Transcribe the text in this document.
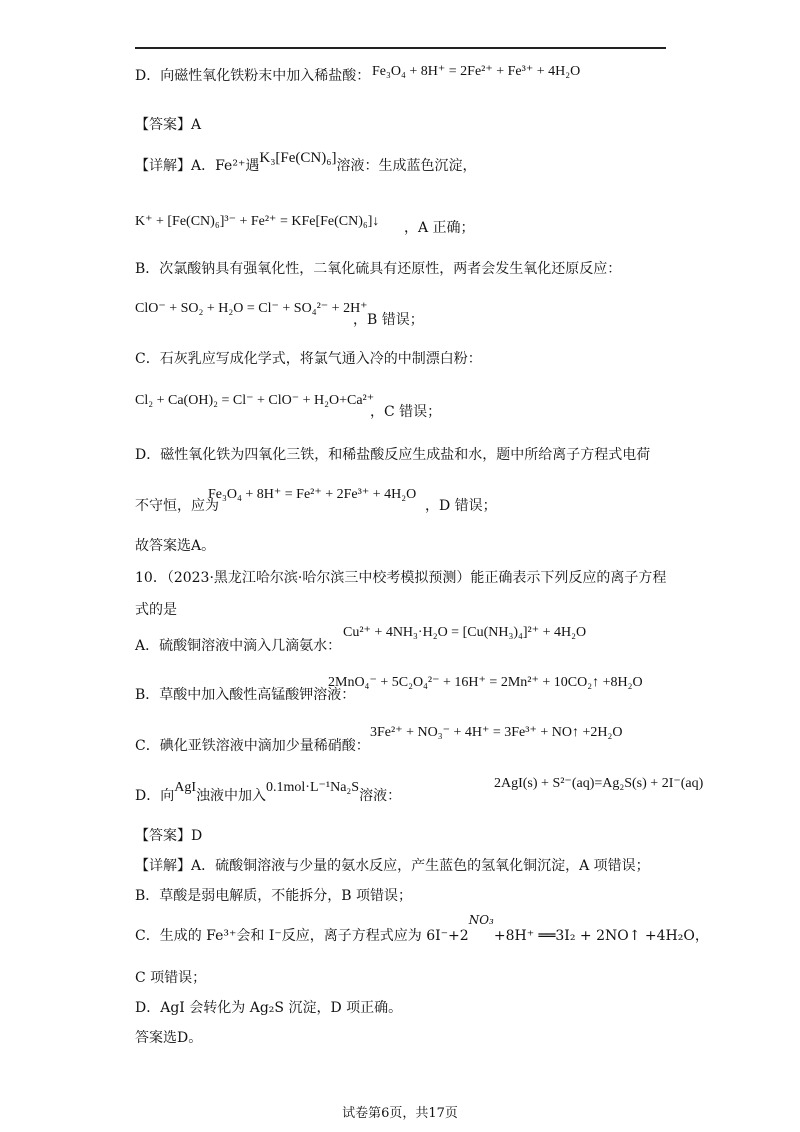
D．向磁性氧化铁粉末中加入稀盐酸： Fe₃O₄ + 8H⁺ = 2Fe²⁺ + Fe³⁺ + 4H₂O
【答案】A
【详解】A．Fe²⁺遇K₃[Fe(CN)₆]溶液：生成蓝色沉淀，
K⁺ + [Fe(CN)₆]³⁻ + Fe²⁺ = KFe[Fe(CN)₆]↓ ，A 正确；
B．次氯酸钠具有强氧化性，二氧化硫具有还原性，两者会发生氧化还原反应：
ClO⁻ + SO₂ + H₂O = Cl⁻ + SO₄²⁻ + 2H⁺
，B 错误；
C．石灰乳应写成化学式，将氯气通入冷的中制漂白粉：
Cl₂ + Ca(OH)₂ = Cl⁻ + ClO⁻ + H₂O+Ca²⁺
，C 错误；
D．磁性氧化铁为四氧化三铁，和稀盐酸反应生成盐和水，题中所给离子方程式电荷
不守恒，应为
Fe₃O₄ + 8H⁺ = Fe²⁺ + 2Fe³⁺ + 4H₂O
，D 错误；
故答案选A。
10．（2023·黑龙江哈尔滨·哈尔滨三中校考模拟预测）能正确表示下列反应的离子方程
式的是
A．硫酸铜溶液中滴入几滴氨水：
Cu²⁺ + 4NH₃·H₂O = [Cu(NH₃)₄]²⁺ + 4H₂O
B．草酸中加入酸性高锰酸钾溶液：
2MnO₄⁻ + 5C₂O₄²⁻ + 16H⁺ = 2Mn²⁺ + 10CO₂↑ +8H₂O
C．碘化亚铁溶液中滴加少量稀硝酸：
3Fe²⁺ + NO₃⁻ + 4H⁺ = 3Fe³⁺ + NO↑ +2H₂O
D．向AgI浊液中加入0.1mol·L⁻¹Na₂S溶液：
2AgI(s) + S²⁻(aq)=Ag₂S(s) + 2I⁻(aq)
【答案】D
【详解】A．硫酸铜溶液与少量的氨水反应，产生蓝色的氢氧化铜沉淀，A 项错误；
B．草酸是弱电解质，不能拆分，B 项错误；
C．生成的 Fe³⁺会和 I⁻反应，离子方程式应为 6I⁻+2NO₃+8H⁺ ══3I₂ + 2NO↑ +4H₂O，
C 项错误；
D．AgI 会转化为 Ag₂S 沉淀，D 项正确。
答案选D。
试卷第6页，共17页
